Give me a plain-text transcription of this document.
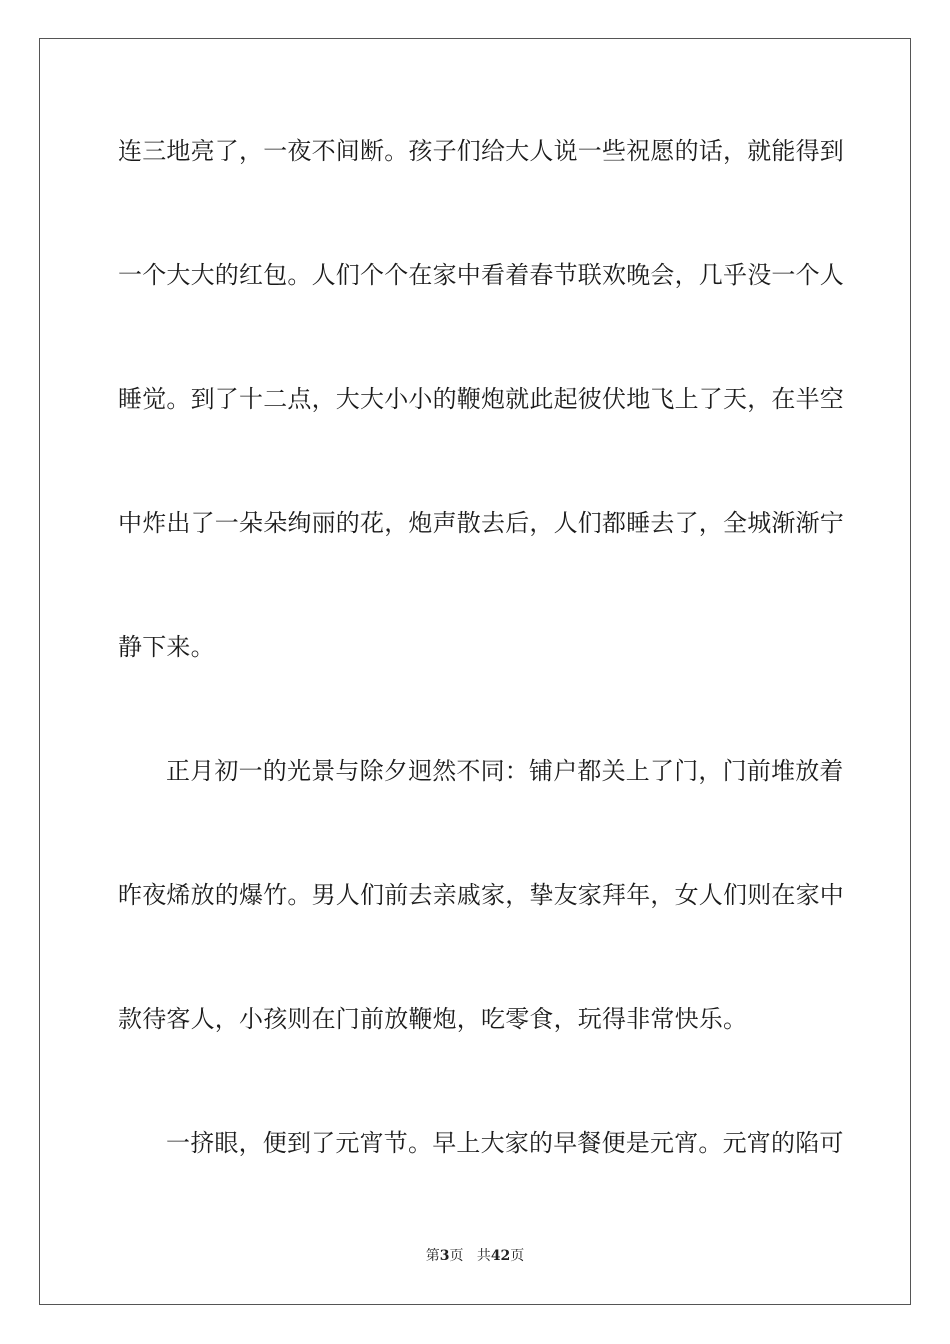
连三地亮了，一夜不间断。孩子们给大人说一些祝愿的话，就能得到
一个大大的红包。人们个个在家中看着春节联欢晚会，几乎没一个人
睡觉。到了十二点，大大小小的鞭炮就此起彼伏地飞上了天，在半空
中炸出了一朵朵绚丽的花，炮声散去后，人们都睡去了，全城渐渐宁
静下来。
正月初一的光景与除夕迥然不同：铺户都关上了门，门前堆放着
昨夜烯放的爆竹。男人们前去亲戚家，挚友家拜年，女人们则在家中
款待客人，小孩则在门前放鞭炮，吃零食，玩得非常快乐。
一挤眼，便到了元宵节。早上大家的早餐便是元宵。元宵的陷可
第3页 共42页
